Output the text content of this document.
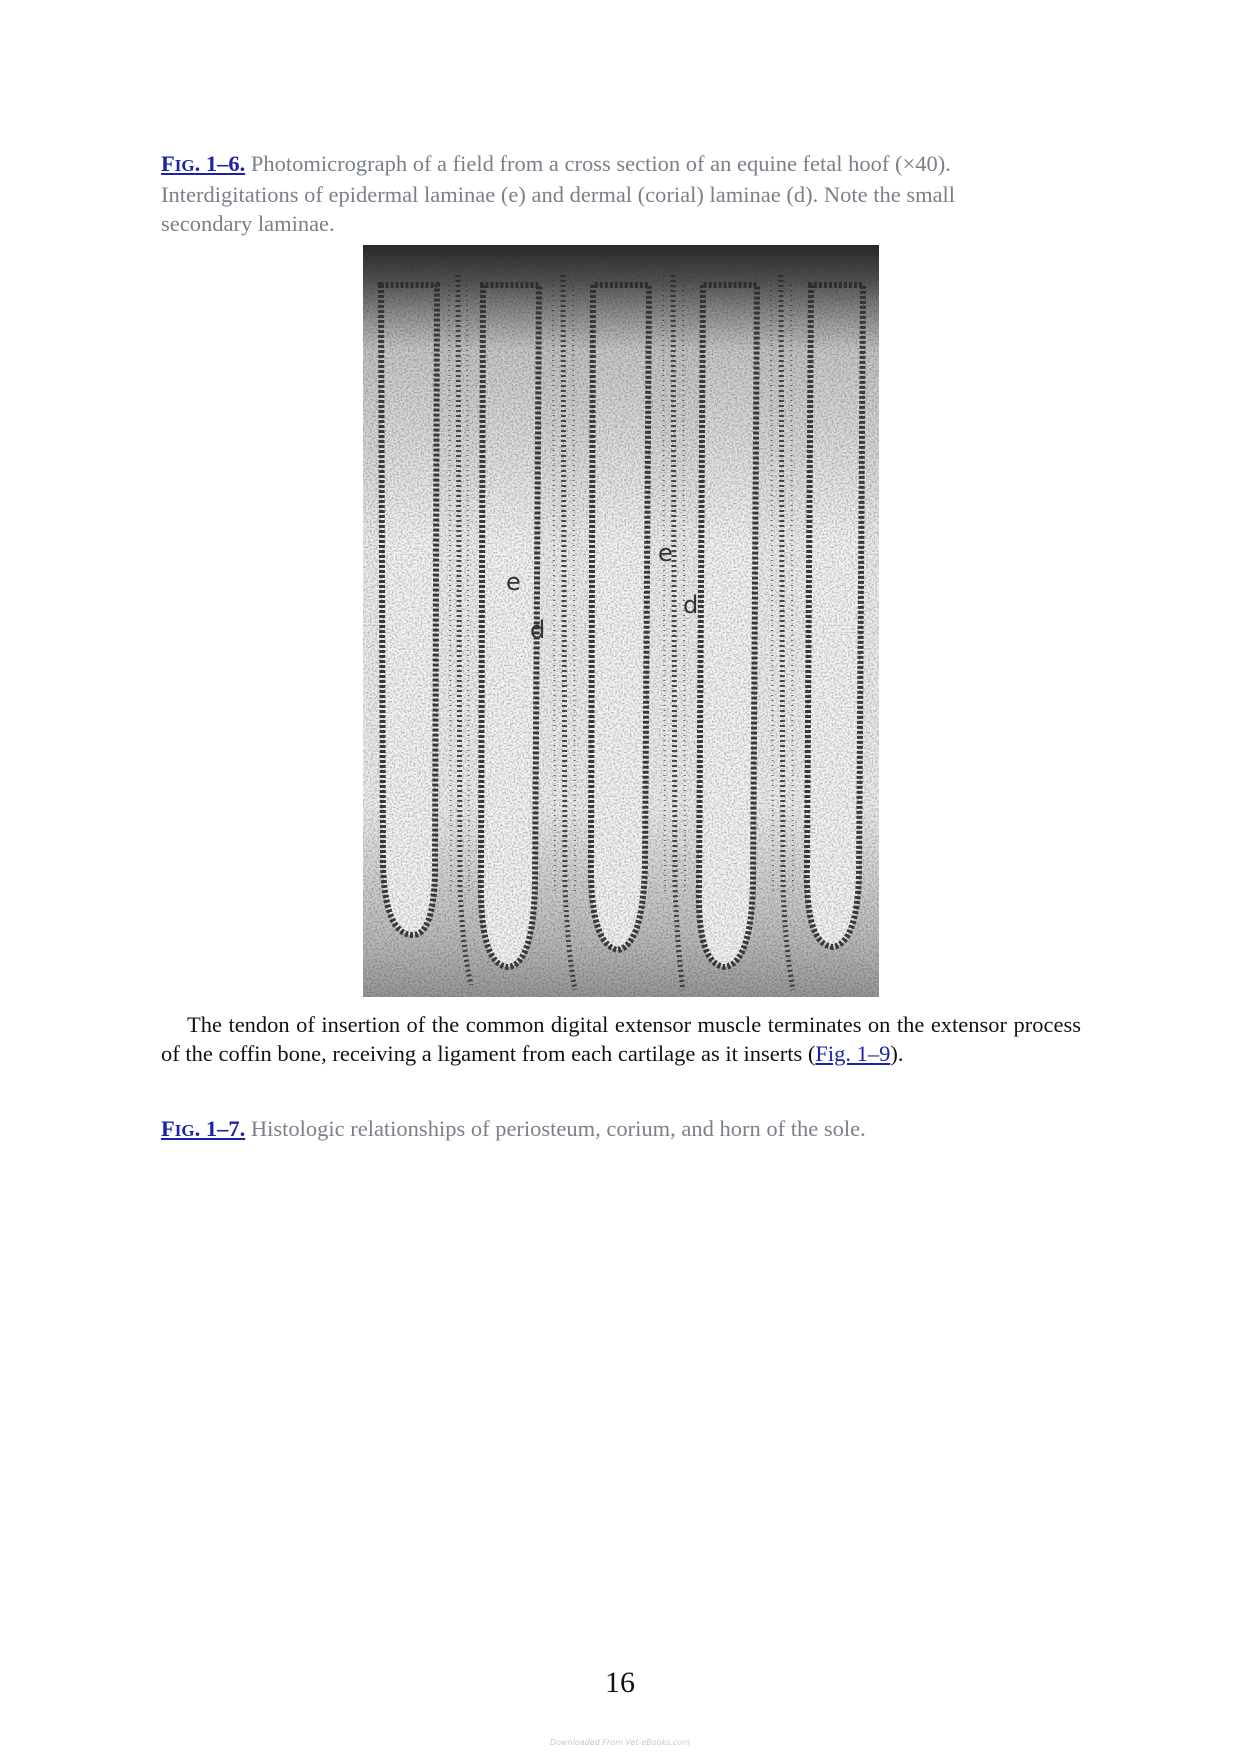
FIG. 1–6. Photomicrograph of a field from a cross section of an equine fetal hoof (×40).
Interdigitations of epidermal laminae (e) and dermal (corial) laminae (d). Note the small
secondary laminae.
e
d
e
d

The tendon of insertion of the common digital extensor muscle terminates on the extensor process of the coffin bone, receiving a ligament from each cartilage as it inserts (Fig. 1–9).

FIG. 1–7. Histologic relationships of periosteum, corium, and horn of the sole.
16
Downloaded From Vet-eBooks.com
